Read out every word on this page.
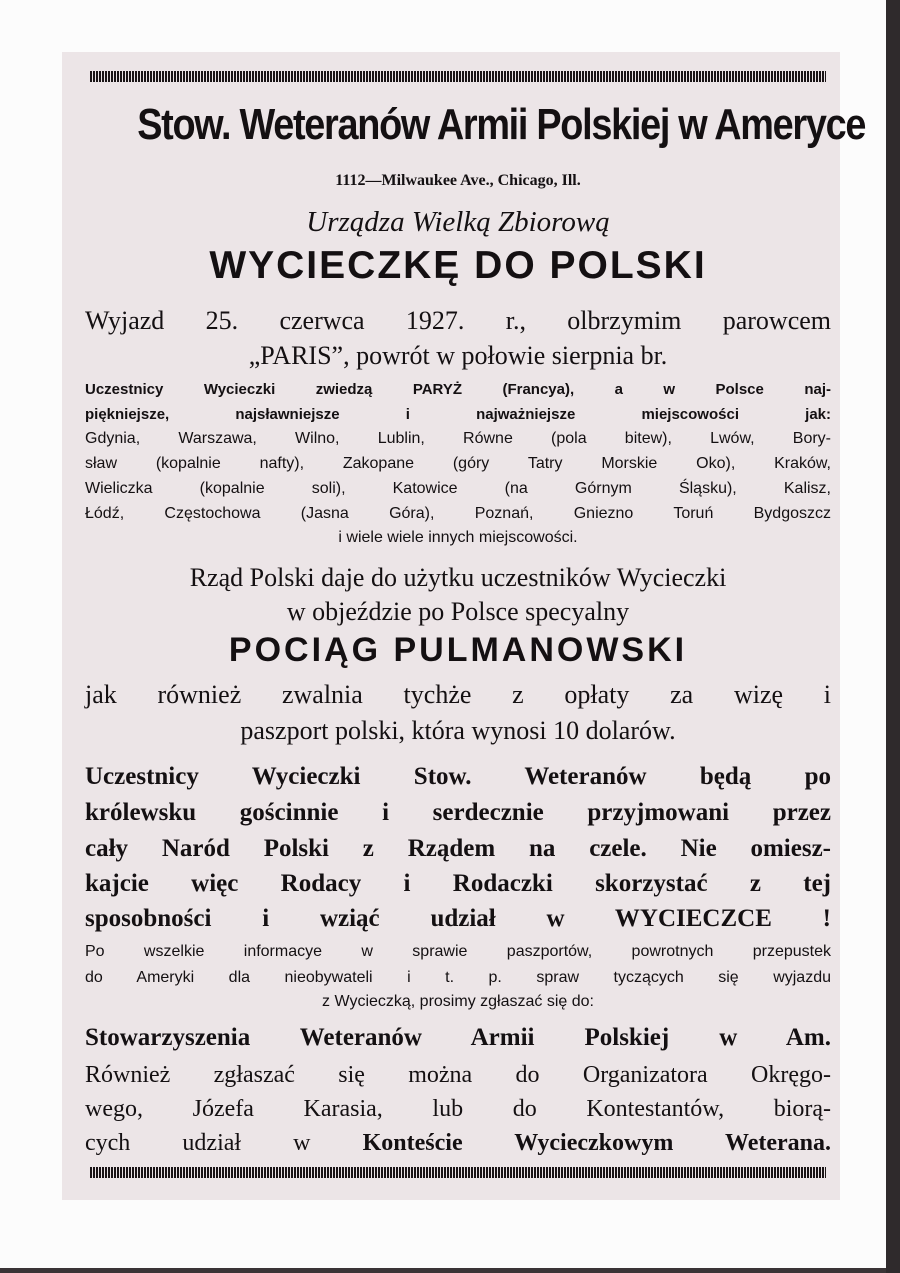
Stow. Weteranów Armii Polskiej w Ameryce

1112—Milwaukee Ave., Chicago, Ill.

Urządza Wielką Zbiorową

WYCIECZKĘ DO POLSKI

Wyjazd 25. czerwca 1927. r., olbrzymim parowcem

„PARIS”, powrót w połowie sierpnia br.

Uczestnicy Wycieczki zwiedzą PARYŻ (Francya), a w Polsce naj-

piękniejsze, najsławniejsze i najważniejsze miejscowości jak:

Gdynia, Warszawa, Wilno, Lublin, Równe (pola bitew), Lwów, Bory-

sław (kopalnie nafty), Zakopane (góry Tatry Morskie Oko), Kraków,

Wieliczka (kopalnie soli), Katowice (na Górnym Śląsku), Kalisz,

Łódź, Częstochowa (Jasna Góra), Poznań, Gniezno Toruń Bydgoszcz

i wiele wiele innych miejscowości.

Rząd Polski daje do użytku uczestników Wycieczki

w objeździe po Polsce specyalny

POCIĄG PULMANOWSKI

jak również zwalnia tychże z opłaty za wizę i

paszport polski, która wynosi 10 dolarów.

Uczestnicy Wycieczki Stow. Weteranów będą po

królewsku gościnnie i serdecznie przyjmowani przez

cały Naród Polski z Rządem na czele. Nie omiesz-

kajcie więc Rodacy i Rodaczki skorzystać z tej

sposobności i wziąć udział w WYCIECZCE !

Po wszelkie informacye w sprawie paszportów, powrotnych przepustek

do Ameryki dla nieobywateli i t. p. spraw tyczących się wyjazdu

z Wycieczką, prosimy zgłaszać się do:

Stowarzyszenia Weteranów Armii Polskiej w Am.

Również zgłaszać się można do Organizatora Okręgo-

wego, Józefa Karasia, lub do Kontestantów, biorą-

cych udział w Konteście Wycieczkowym Weterana.
